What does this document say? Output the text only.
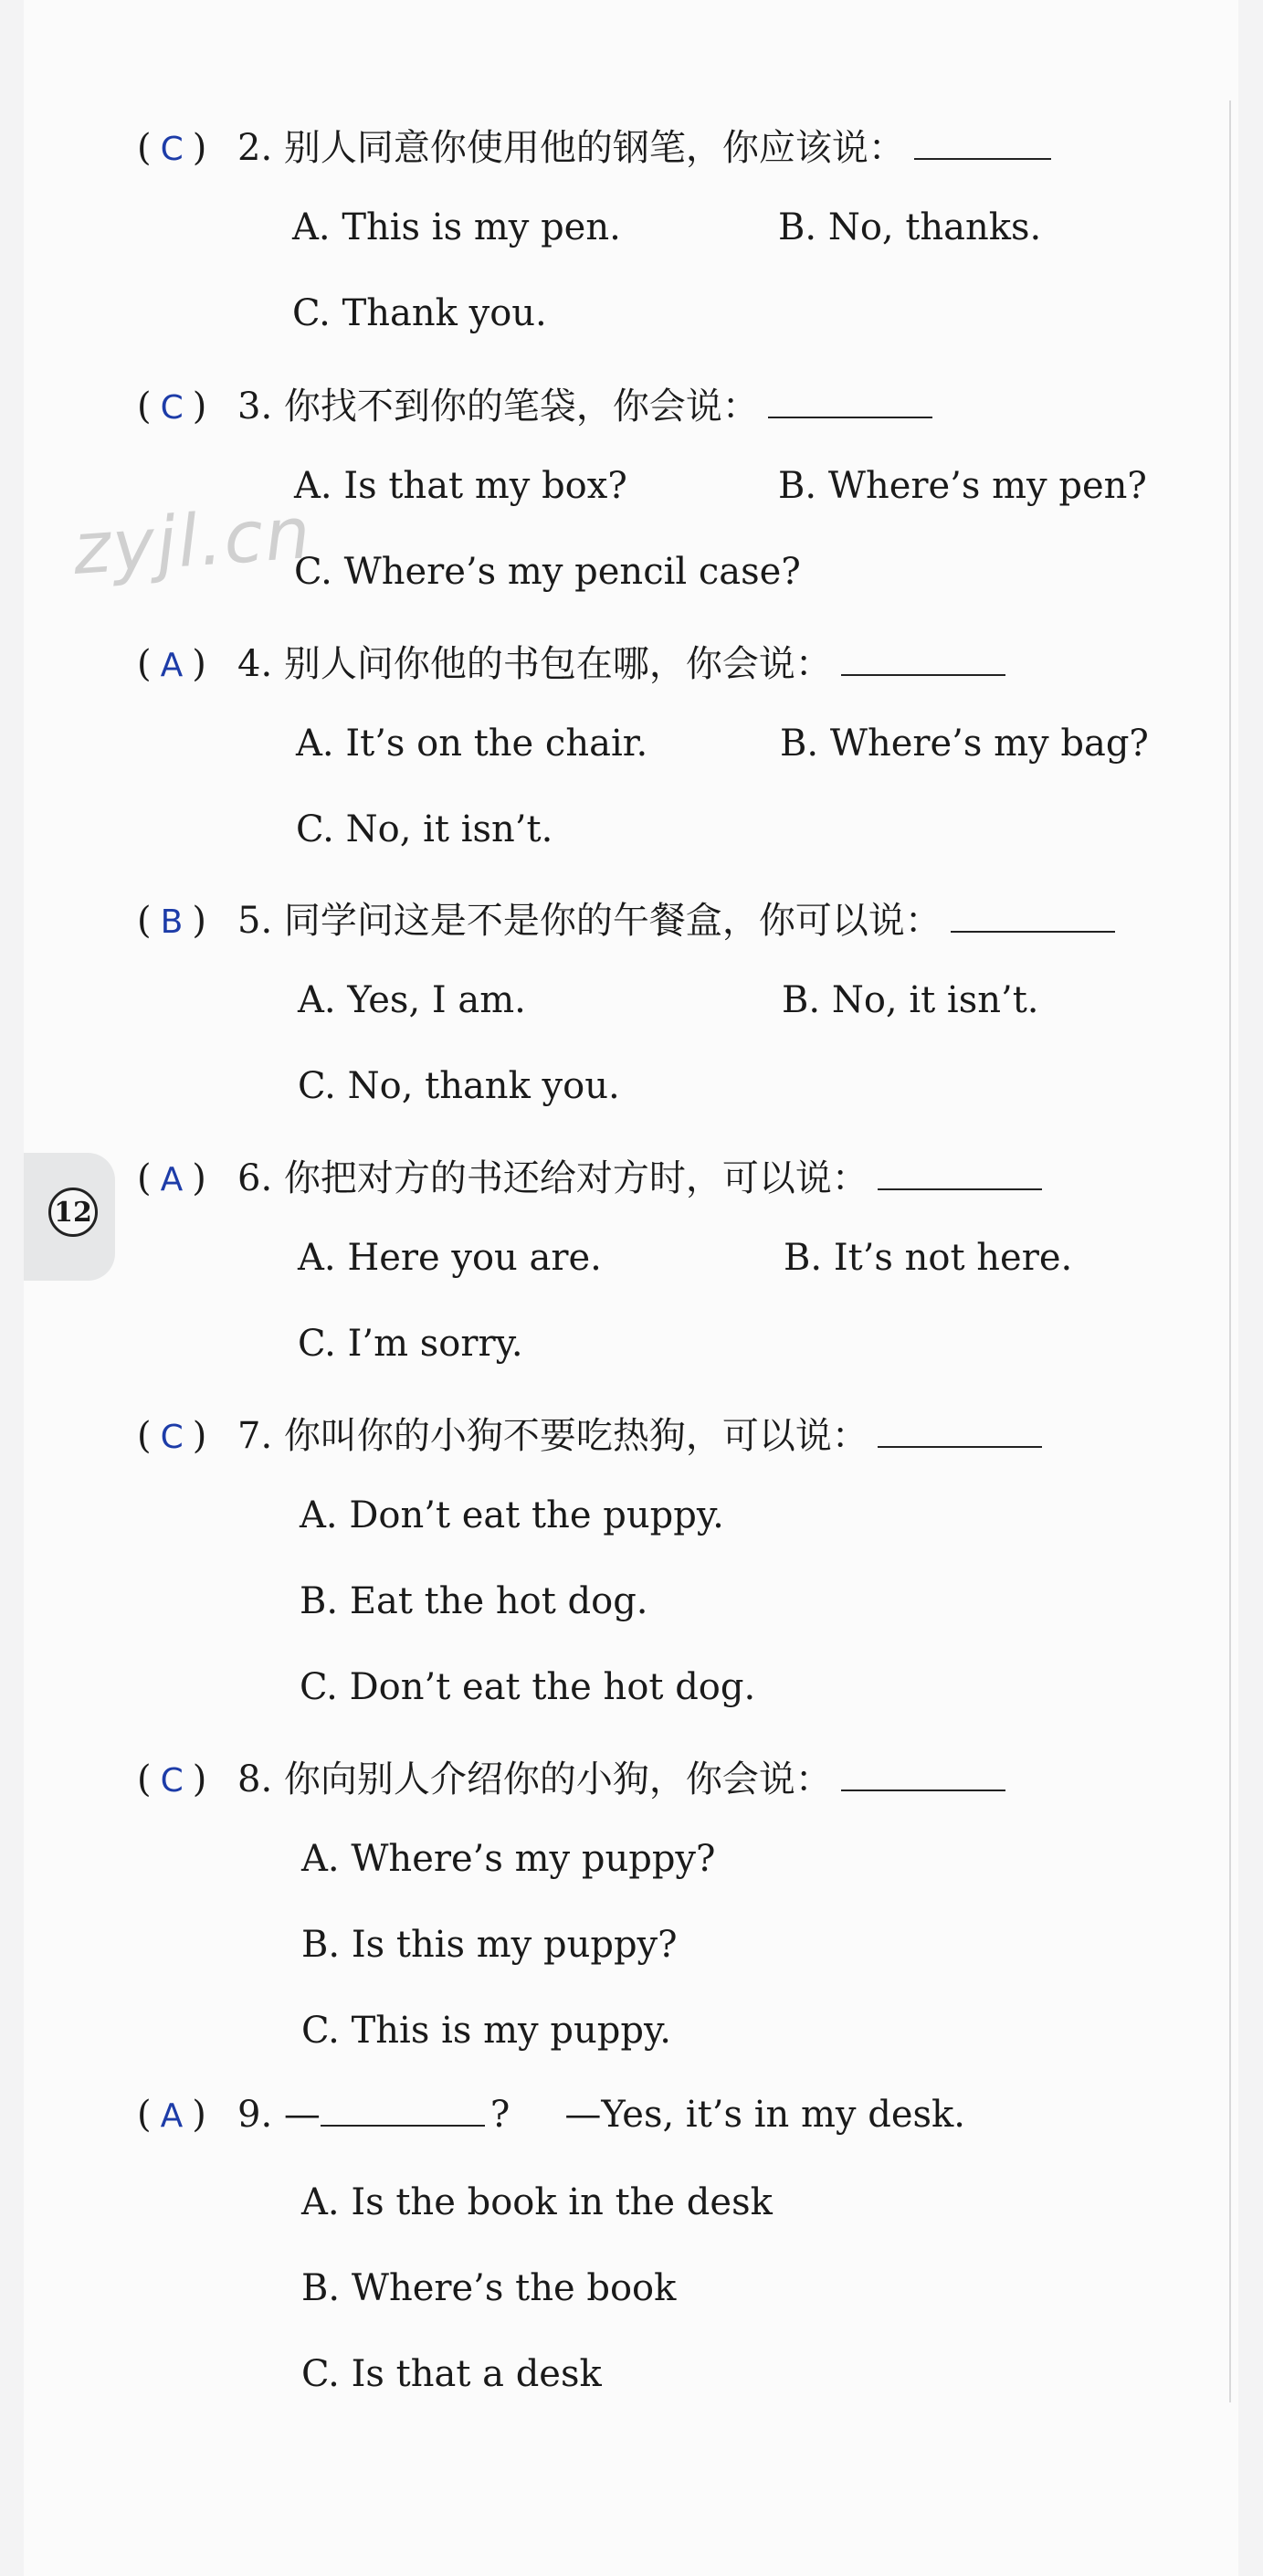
12
zyjl.cn
( C ) 2. 别人同意你使用他的钢笔，你应该说：
A. This is my pen.	B. No, thanks.
C. Thank you.
( C ) 3. 你找不到你的笔袋，你会说：
A. Is that my box?	B. Where’s my pen?
C. Where’s my pencil case?
( A ) 4. 别人问你他的书包在哪，你会说：
A. It’s on the chair.	B. Where’s my bag?
C. No, it isn’t.
( B ) 5. 同学问这是不是你的午餐盒，你可以说：
A. Yes, I am.	B. No, it isn’t.
C. No, thank you.
( A ) 6. 你把对方的书还给对方时，可以说：
A. Here you are.	B. It’s not here.
C. I’m sorry.
( C ) 7. 你叫你的小狗不要吃热狗，可以说：
A. Don’t eat the puppy.
B. Eat the hot dog.
C. Don’t eat the hot dog.
( C ) 8. 你向别人介绍你的小狗，你会说：
A. Where’s my puppy?
B. Is this my puppy?
C. This is my puppy.
( A ) 9. —	? —Yes, it’s in my desk.
A. Is the book in the desk
B. Where’s the book
C. Is that a desk
